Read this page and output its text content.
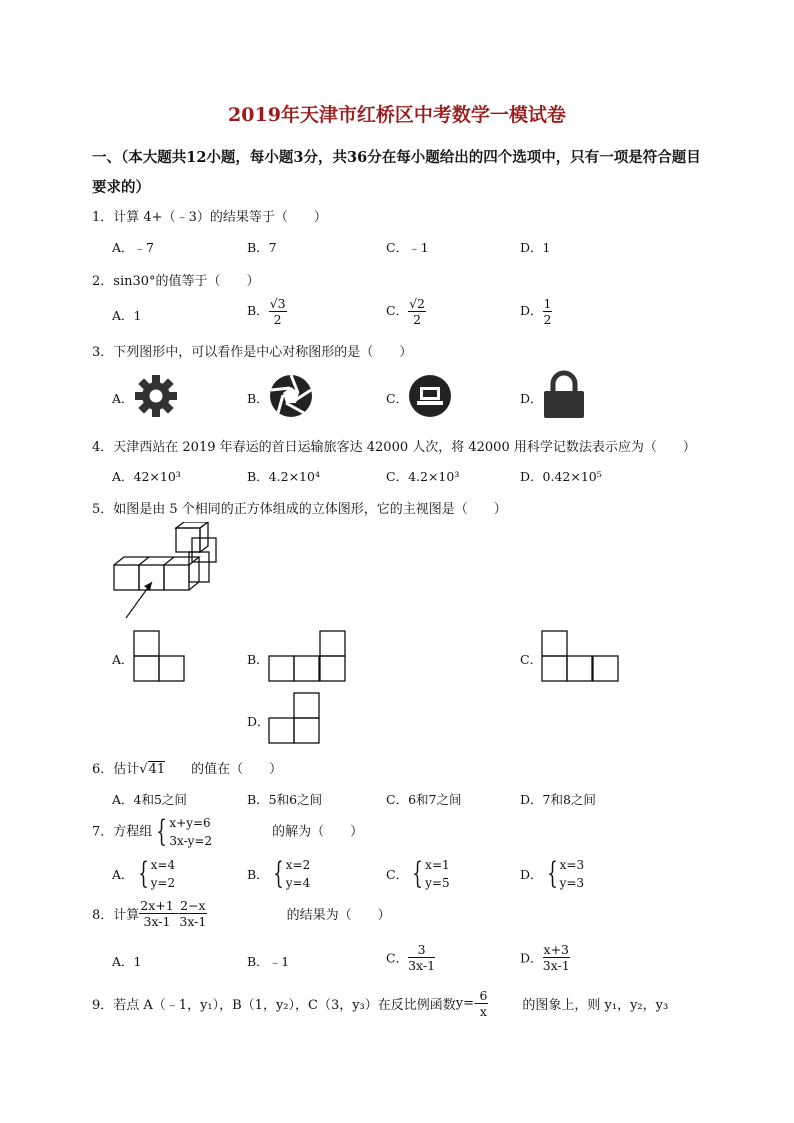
2019年天津市红桥区中考数学一模试卷
一、（本大题共12小题，每小题3分，共36分在每小题给出的四个选项中，只有一项是符合题目
要求的）
1．计算 4+（﹣3）的结果等于（　　）
A．﹣7	B．7	C．﹣1	D．1
2．sin30°的值等于（　　）
A．1	B． $\frac{√3}{2}$	C． $\frac{√2}{2}$	D． $\frac{1}{2}$
3．下列图形中，可以看作是中心对称图形的是（　　）
A．	B．	C．	D．
4．天津西站在 2019 年春运的首日运输旅客达 42000 人次，将 42000 用科学记数法表示应为（　　）
A．42×10³	B．4.2×10⁴	C．4.2×10³	D．0.42×10⁵
5．如图是由 5 个相同的正方体组成的立体图形，它的主视图是（　　）
A．	B．	C．
D．
6．估计√41 的值在（　　）
A．4和5之间	B．5和6之间	C．6和7之间	D．7和8之间
7．方程组 { x+y=6
3x-y=2
的解为（　　）
A． { x=4
y=2
B． { x=2
y=4
C． { x=1
y=5
D． { x=3
y=3
8．计算 $\frac{2x+1}{3x-1} - \frac{2-x}{3x-1}$	的结果为（　　）
A．1	B．﹣1	C． $\frac{3}{3x-1}$	D． $\frac{x+3}{3x-1}$
9．若点 A（﹣1，y₁），B（1，y₂），C（3，y₃）在反比例函数$y=- \frac{6}{x}$	的图象上，则 y₁，y₂，y₃
